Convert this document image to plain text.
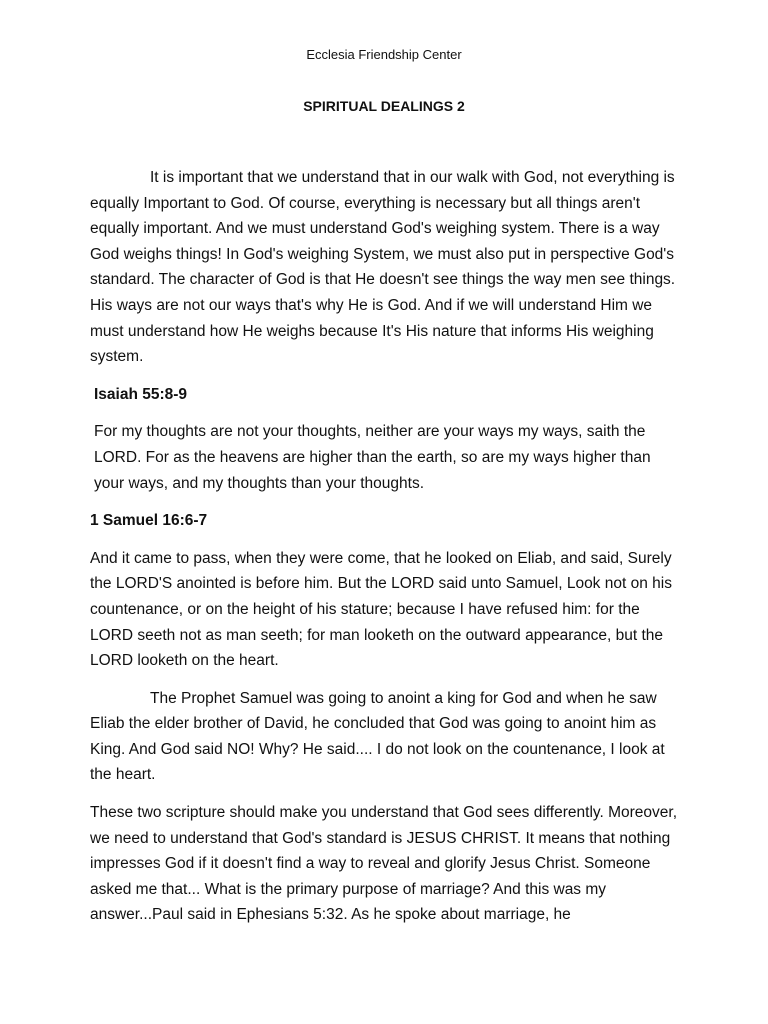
Ecclesia Friendship Center
SPIRITUAL DEALINGS 2

It is important that we understand that in our walk with God, not everything is equally Important to God. Of course, everything is necessary but all things aren't equally important. And we must understand God's weighing system. There is a way God weighs things! In God's weighing System, we must also put in perspective God's standard. The character of God is that He doesn't see things the way men see things. His ways are not our ways that's why He is God. And if we will understand Him we must understand how He weighs because It's His nature that informs His weighing system.

Isaiah 55:8-9

For my thoughts are not your thoughts, neither are your ways my ways, saith the LORD. For as the heavens are higher than the earth, so are my ways higher than your ways, and my thoughts than your thoughts.

1 Samuel 16:6-7

And it came to pass, when they were come, that he looked on Eliab, and said, Surely the LORD'S anointed is before him. But the LORD said unto Samuel, Look not on his countenance, or on the height of his stature; because I have refused him: for the LORD seeth not as man seeth; for man looketh on the outward appearance, but the LORD looketh on the heart.

The Prophet Samuel was going to anoint a king for God and when he saw Eliab the elder brother of David, he concluded that God was going to anoint him as King. And God said NO! Why? He said.... I do not look on the countenance, I look at the heart.

These two scripture should make you understand that God sees differently. Moreover, we need to understand that God's standard is JESUS CHRIST. It means that nothing impresses God if it doesn't find a way to reveal and glorify Jesus Christ. Someone asked me that... What is the primary purpose of marriage? And this was my answer...Paul said in Ephesians 5:32. As he spoke about marriage, he
